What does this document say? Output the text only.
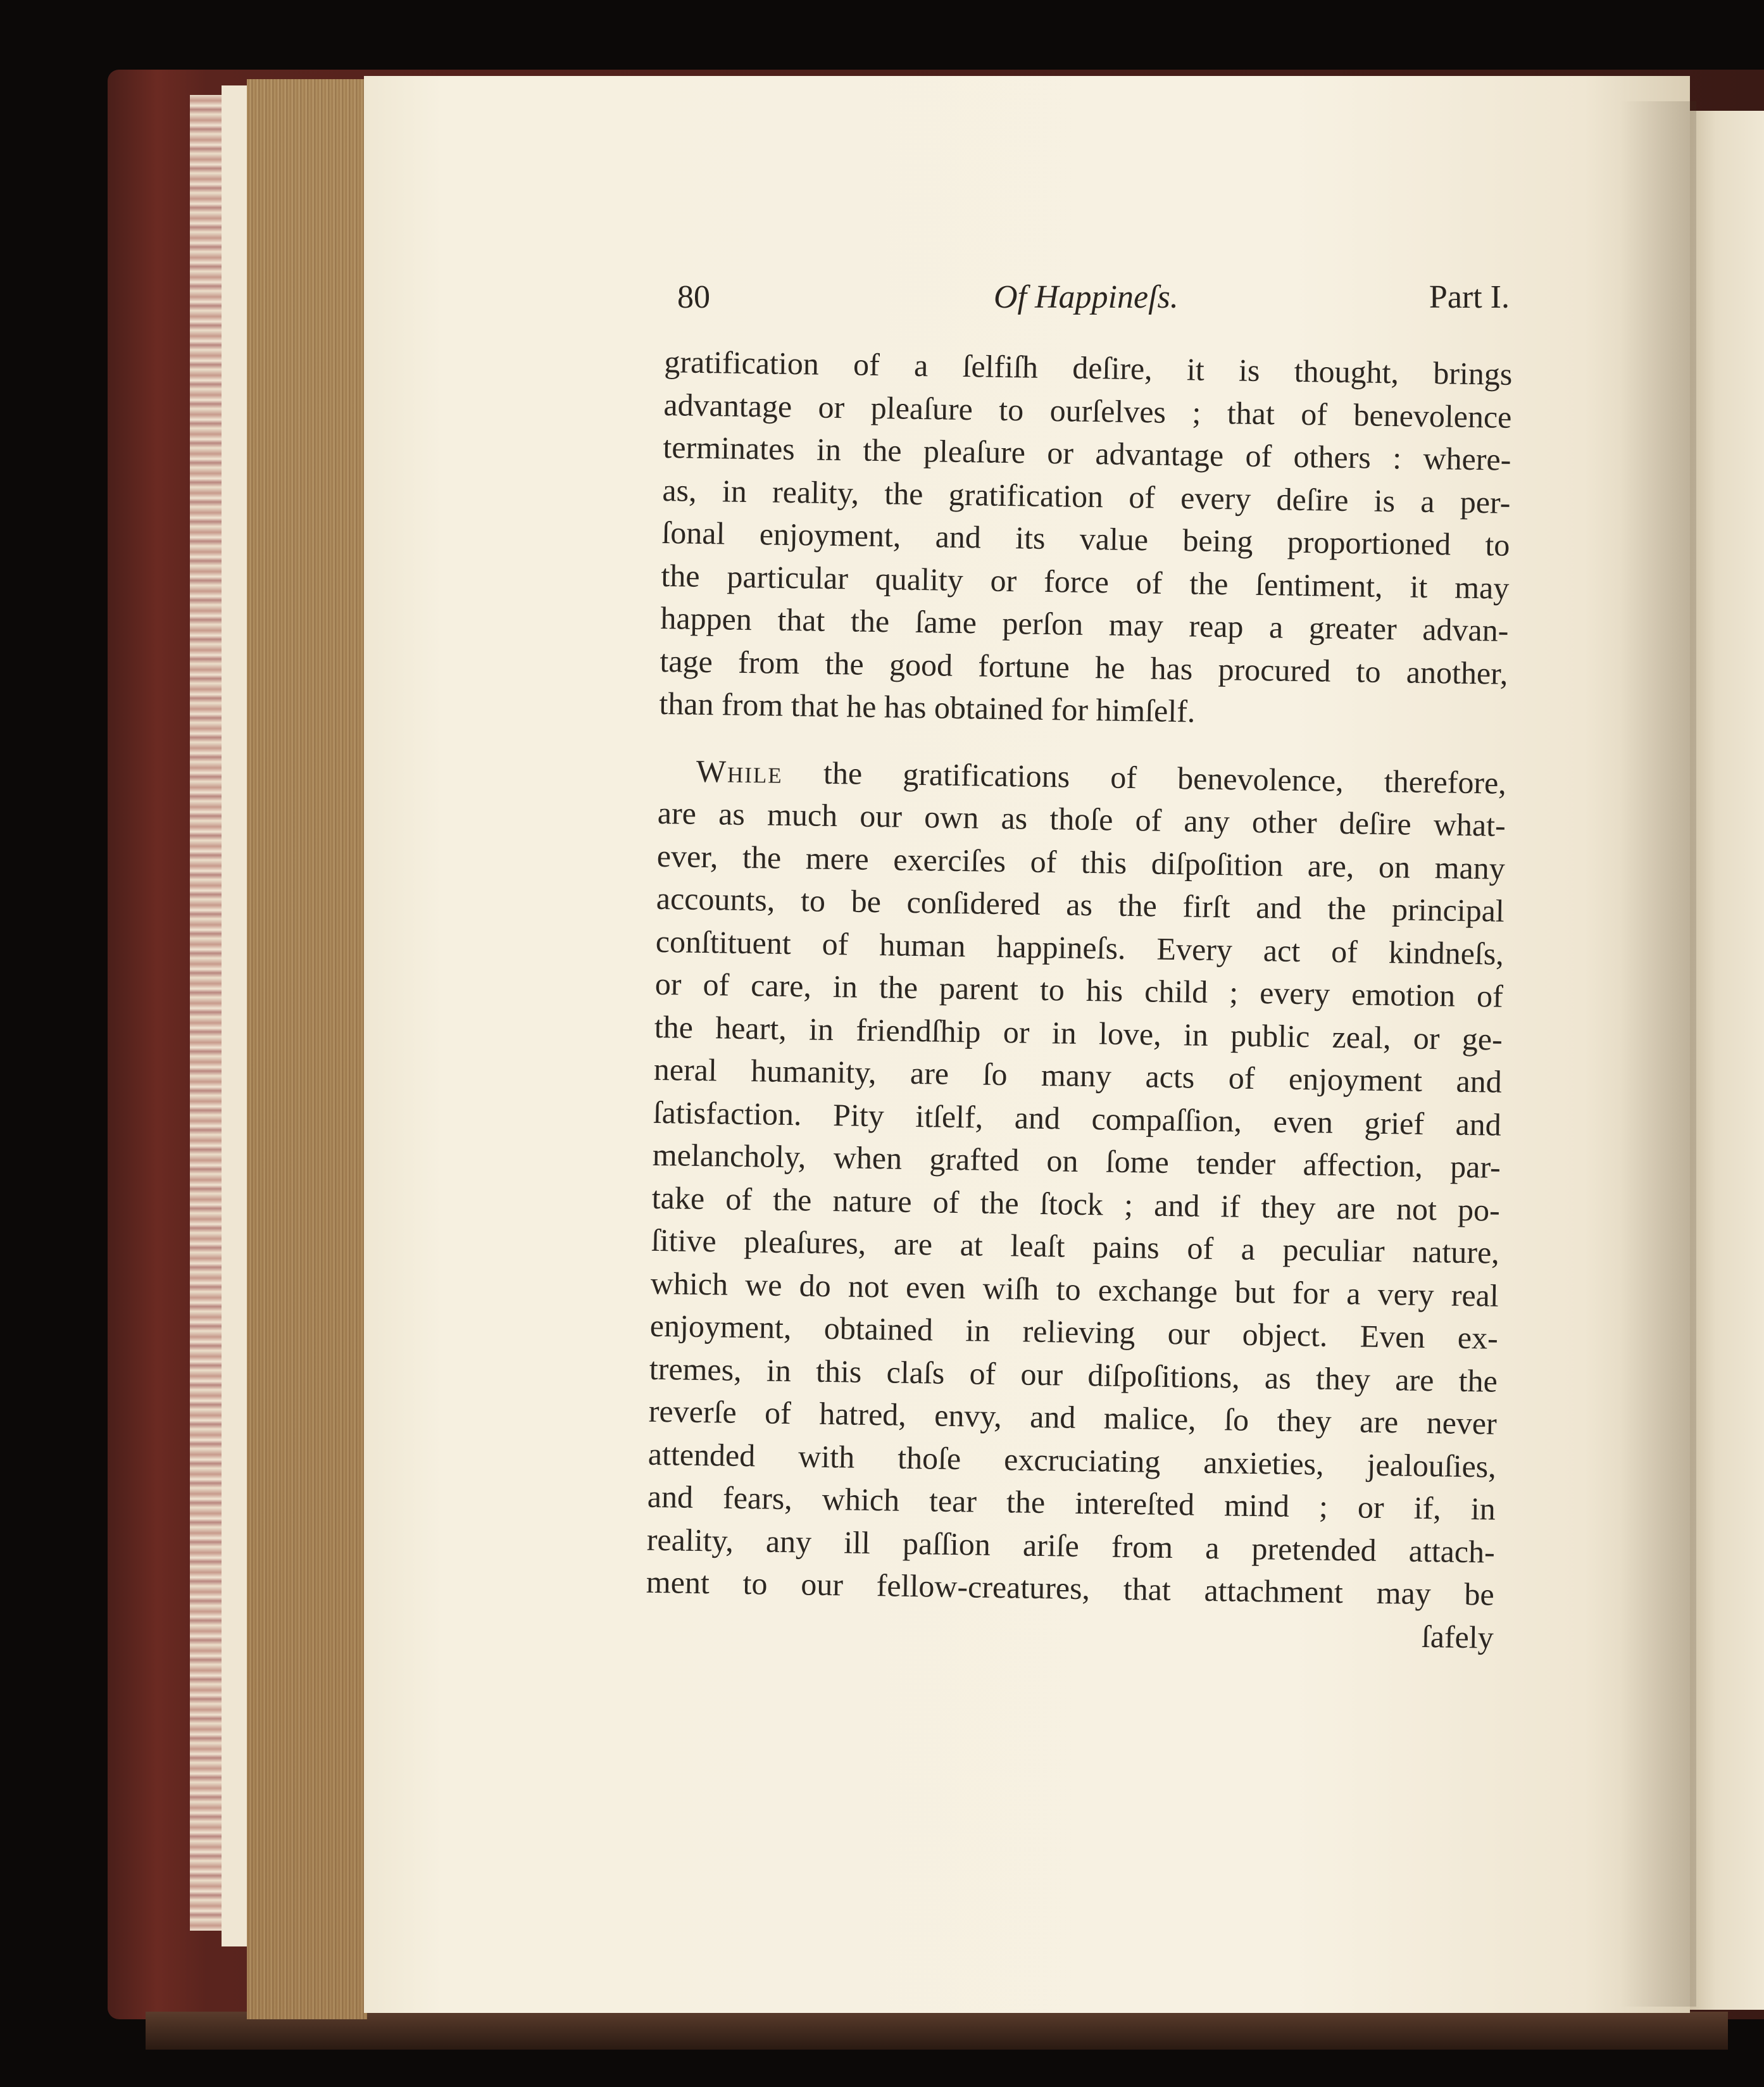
80	Of Happineſs.	Part I.
gratification of a ſelfiſh deſire, it is thought, brings
advantage or pleaſure to ourſelves ; that of benevolence
terminates in the pleaſure or advantage of others : where-
as, in reality, the gratification of every deſire is a per-
ſonal enjoyment, and its value being proportioned to
the particular quality or force of the ſentiment, it may
happen that the ſame perſon may reap a greater advan-
tage from the good fortune he has procured to another,
than from that he has obtained for himſelf.
While the gratifications of benevolence, therefore,
are as much our own as thoſe of any other deſire what-
ever, the mere exerciſes of this diſpoſition are, on many
accounts, to be conſidered as the firſt and the principal
conſtituent of human happineſs. Every act of kindneſs,
or of care, in the parent to his child ; every emotion of
the heart, in friendſhip or in love, in public zeal, or ge-
neral humanity, are ſo many acts of enjoyment and
ſatisfaction. Pity itſelf, and compaſſion, even grief and
melancholy, when grafted on ſome tender affection, par-
take of the nature of the ſtock ; and if they are not po-
ſitive pleaſures, are at leaſt pains of a peculiar nature,
which we do not even wiſh to exchange but for a very real
enjoyment, obtained in relieving our object. Even ex-
tremes, in this claſs of our diſpoſitions, as they are the
reverſe of hatred, envy, and malice, ſo they are never
attended with thoſe excruciating anxieties, jealouſies,
and fears, which tear the intereſted mind ; or if, in
reality, any ill paſſion ariſe from a pretended attach-
ment to our fellow-creatures, that attachment may be
ſafely
